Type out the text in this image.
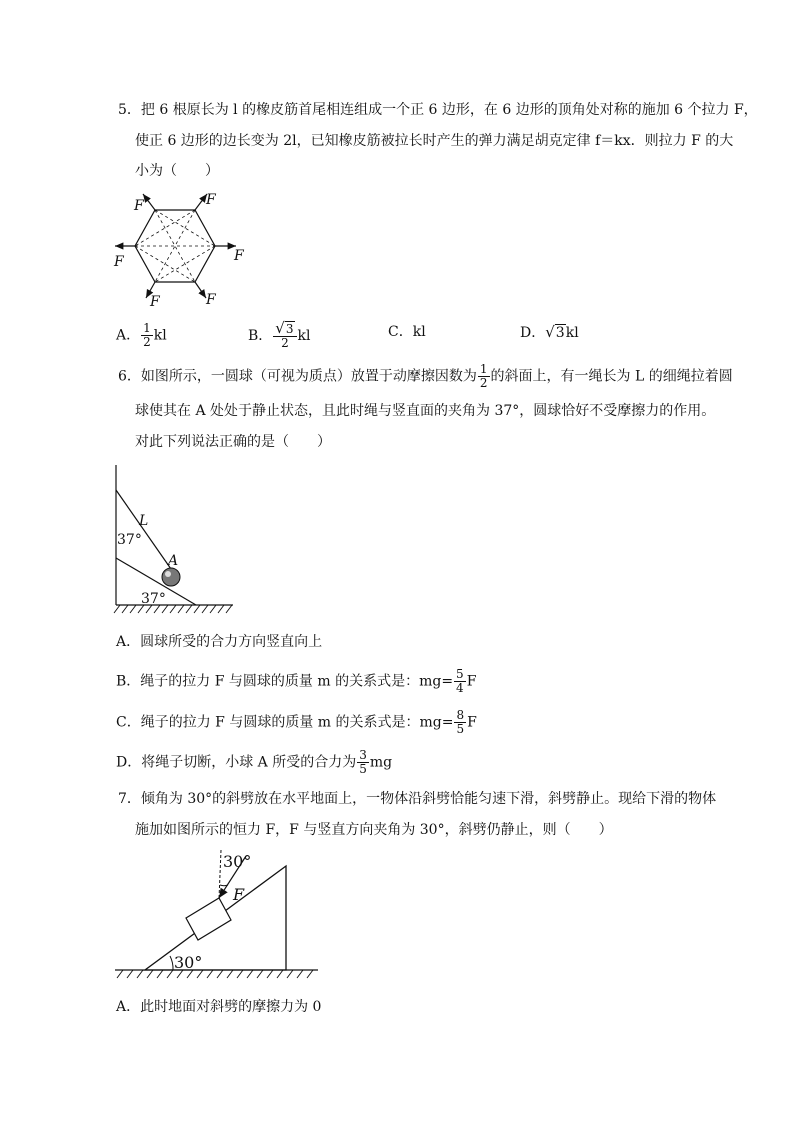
5．把 6 根原长为 l 的橡皮筋首尾相连组成一个正 6 边形，在 6 边形的顶角处对称的施加 6 个拉力 F，
使正 6 边形的边长变为 2l，已知橡皮筋被拉长时产生的弹力满足胡克定律 f＝kx．则拉力 F 的大
小为（　　）
F	F
F	F
F	F
A． $\frac{1}{2}$ kl	B． $\frac{√3}{2}$ kl	C．kl	D．√3kl
6．如图所示，一圆球（可视为质点）放置于动摩擦因数为 $\frac{1}{2}$ 的斜面上，有一绳长为 L 的细绳拉着圆
球使其在 A 处处于静止状态，且此时绳与竖直面的夹角为 37°，圆球恰好不受摩擦力的作用。
对此下列说法正确的是（　　）
L
37°
A
37°
A．圆球所受的合力方向竖直向上
B．绳子的拉力 F 与圆球的质量 m 的关系式是：$mg= \frac{5}{4}$ F
C．绳子的拉力 F 与圆球的质量 m 的关系式是：$mg= \frac{8}{5}$ F
D．将绳子切断，小球 A 所受的合力为 $\frac{3}{5}$ mg
7．倾角为 30°的斜劈放在水平地面上，一物体沿斜劈恰能匀速下滑，斜劈静止。现给下滑的物体
施加如图所示的恒力 F，F 与竖直方向夹角为 30°，斜劈仍静止，则（　　）
30°
F
30°
A．此时地面对斜劈的摩擦力为 0
